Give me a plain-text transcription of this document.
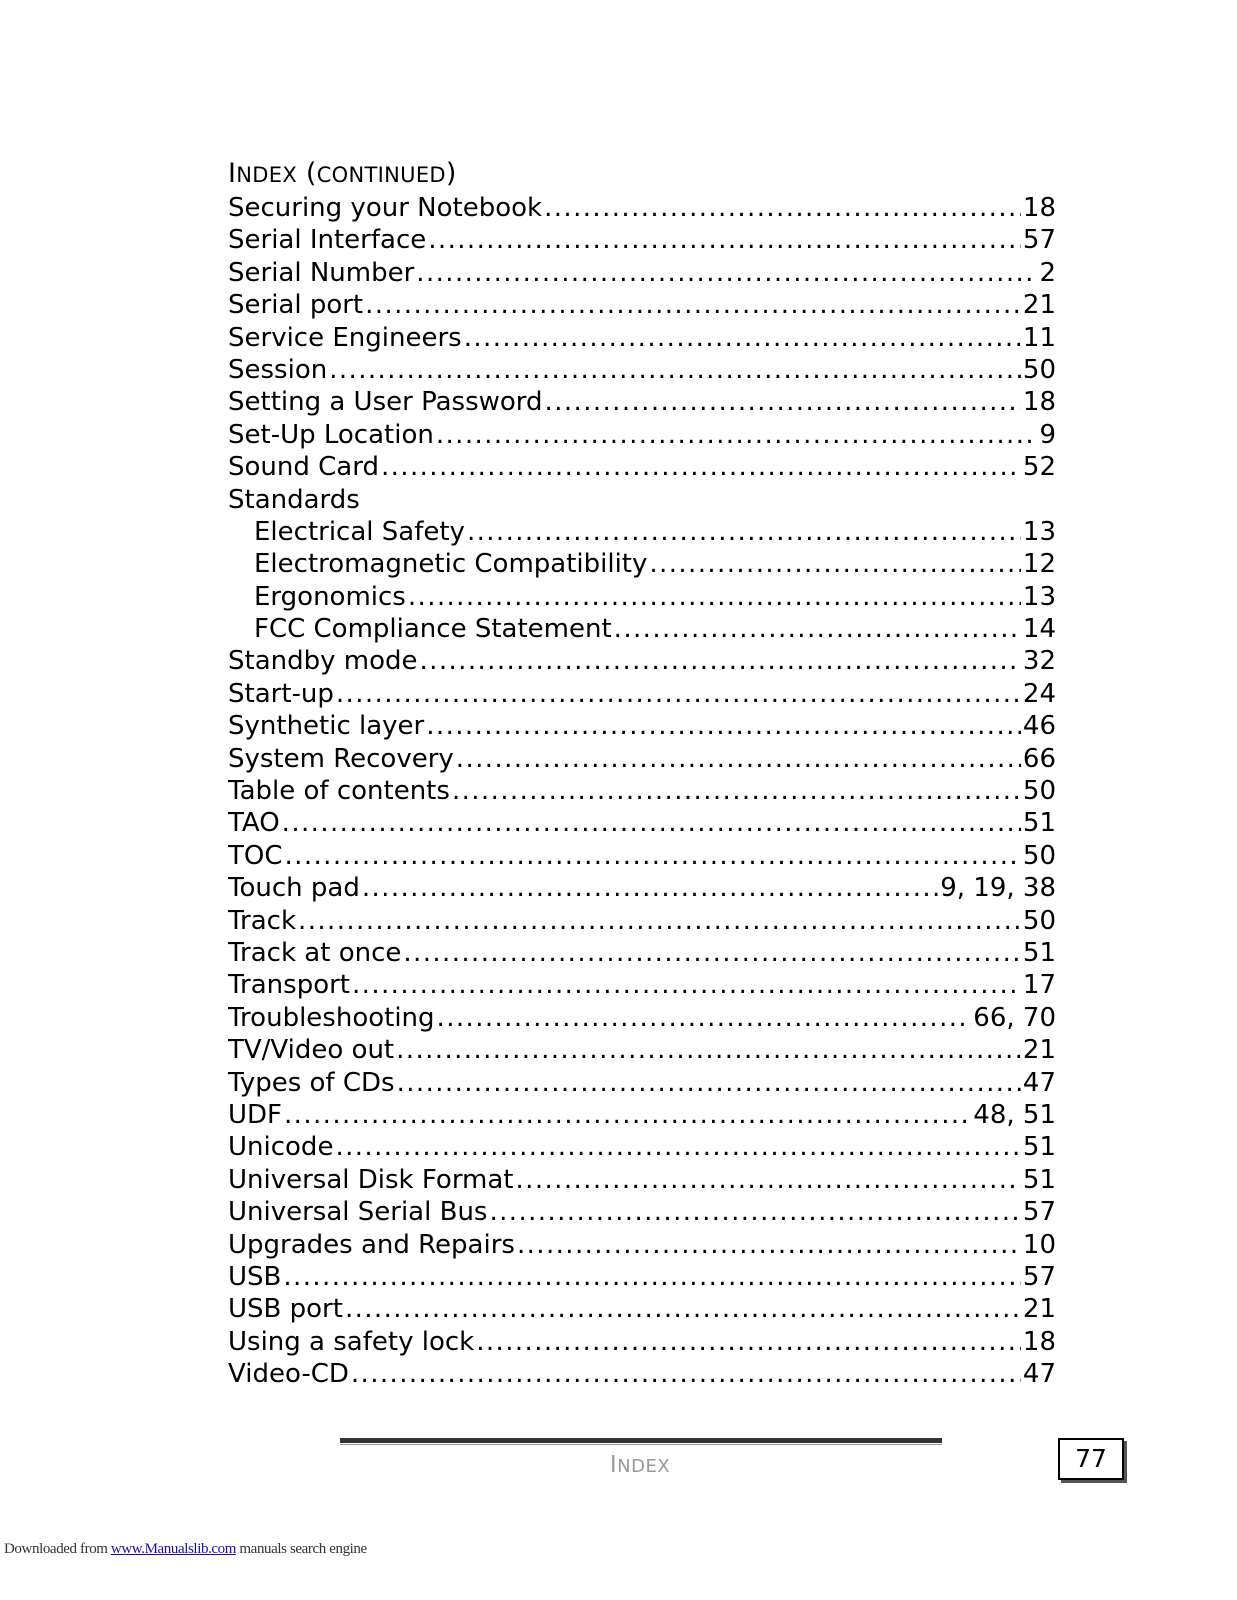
INDEX (CONTINUED)
Securing your Notebook .....	18
Serial Interface .....	57
Serial Number .....	2
Serial port .....	21
Service Engineers .....	11
Session .....	50
Setting a User Password .....	18
Set-Up Location .....	9
Sound Card .....	52
Standards
Electrical Safety .....	13
Electromagnetic Compatibility .....	12
Ergonomics .....	13
FCC Compliance Statement .....	14
Standby mode .....	32
Start-up .....	24
Synthetic layer .....	46
System Recovery .....	66
Table of contents .....	50
TAO .....	51
TOC .....	50
Touch pad .....	9, 19, 38
Track .....	50
Track at once .....	51
Transport .....	17
Troubleshooting .....	66, 70
TV/Video out .....	21
Types of CDs .....	47
UDF .....	48, 51
Unicode .....	51
Universal Disk Format .....	51
Universal Serial Bus .....	57
Upgrades and Repairs .....	10
USB .....	57
USB port .....	21
Using a safety lock .....	18
Video-CD .....	47
INDEX	77
Downloaded from www.Manualslib.com manuals search engine
